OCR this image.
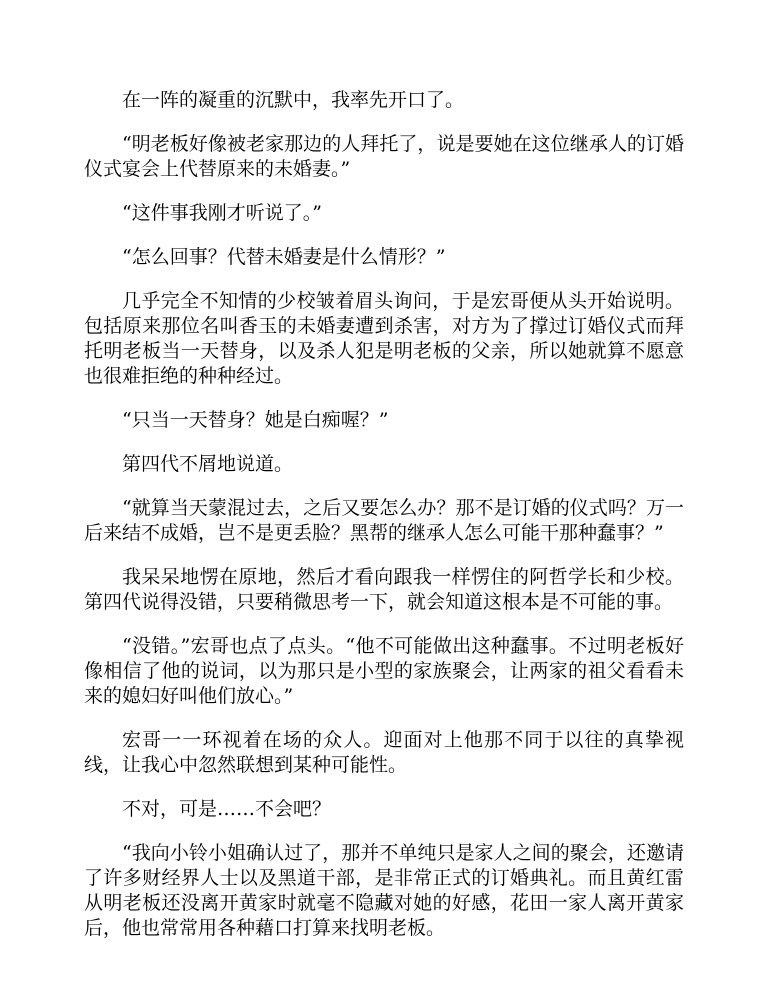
在一阵的凝重的沉默中，我率先开口了。

“明老板好像被老家那边的人拜托了，说是要她在这位继承人的订婚仪式宴会上代替原来的未婚妻。”

“这件事我刚才听说了。”

“怎么回事？代替未婚妻是什么情形？”

几乎完全不知情的少校皱着眉头询问，于是宏哥便从头开始说明。包括原来那位名叫香玉的未婚妻遭到杀害，对方为了撑过订婚仪式而拜托明老板当一天替身，以及杀人犯是明老板的父亲，所以她就算不愿意也很难拒绝的种种经过。

“只当一天替身？她是白痴喔？”

第四代不屑地说道。

“就算当天蒙混过去，之后又要怎么办？那不是订婚的仪式吗？万一后来结不成婚，岂不是更丢脸？黑帮的继承人怎么可能干那种蠢事？”

我呆呆地愣在原地，然后才看向跟我一样愣住的阿哲学长和少校。第四代说得没错，只要稍微思考一下，就会知道这根本是不可能的事。

“没错。”宏哥也点了点头。“他不可能做出这种蠢事。不过明老板好像相信了他的说词，以为那只是小型的家族聚会，让两家的祖父看看未来的媳妇好叫他们放心。”

宏哥一一环视着在场的众人。迎面对上他那不同于以往的真挚视线，让我心中忽然联想到某种可能性。

不对，可是……不会吧？

“我向小铃小姐确认过了，那并不单纯只是家人之间的聚会，还邀请了许多财经界人士以及黑道干部，是非常正式的订婚典礼。而且黄红雷从明老板还没离开黄家时就毫不隐藏对她的好感，花田一家人离开黄家后，他也常常用各种藉口打算来找明老板。
